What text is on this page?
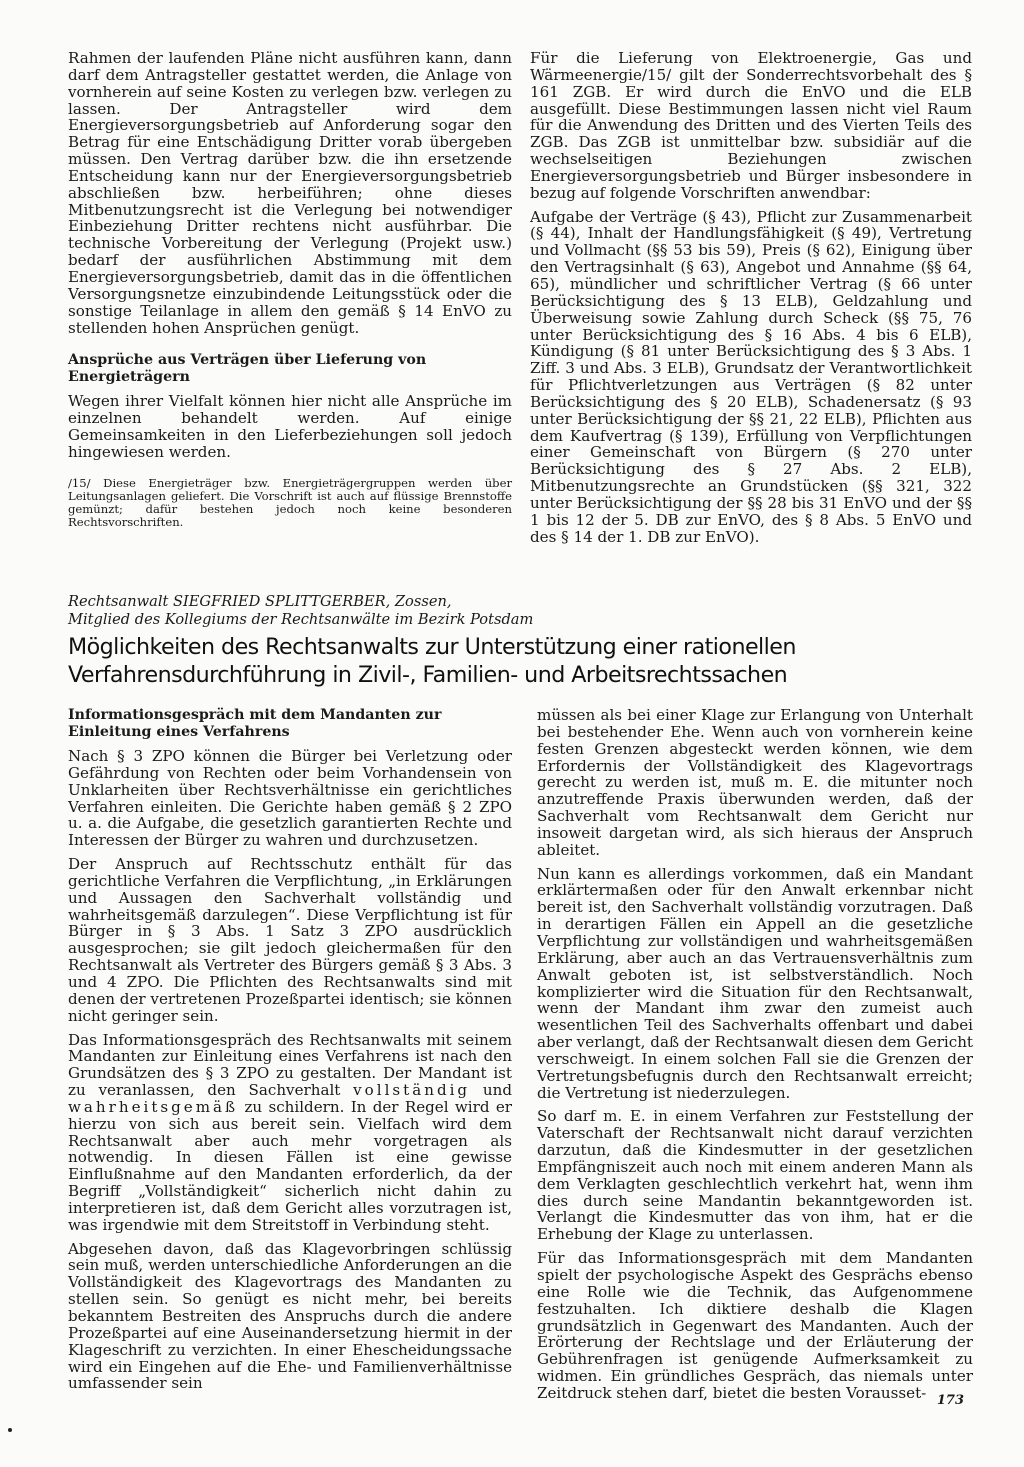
Rahmen der laufenden Pläne nicht ausführen kann, dann darf dem Antragsteller gestattet werden, die Anlage von vornherein auf seine Kosten zu verlegen bzw. verlegen zu lassen. Der Antragsteller wird dem Energieversorgungsbetrieb auf Anforderung sogar den Betrag für eine Entschädigung Dritter vorab übergeben müssen. Den Vertrag darüber bzw. die ihn ersetzende Entscheidung kann nur der Energieversorgungsbetrieb abschließen bzw. herbeiführen; ohne dieses Mitbenutzungsrecht ist die Verlegung bei notwendiger Einbeziehung Dritter rechtens nicht ausführbar. Die technische Vorbereitung der Verlegung (Projekt usw.) bedarf der ausführlichen Abstimmung mit dem Energieversorgungsbetrieb, damit das in die öffentlichen Versorgungsnetze einzubindende Leitungsstück oder die sonstige Teilanlage in allem den gemäß § 14 EnVO zu stellenden hohen Ansprüchen genügt.

Ansprüche aus Verträgen über Lieferung von Energieträgern

Wegen ihrer Vielfalt können hier nicht alle Ansprüche im einzelnen behandelt werden. Auf einige Gemeinsamkeiten in den Lieferbeziehungen soll jedoch hingewiesen werden.

/15/ Diese Energieträger bzw. Energieträgergruppen werden über Leitungsanlagen geliefert. Die Vorschrift ist auch auf flüssige Brennstoffe gemünzt; dafür bestehen jedoch noch keine besonderen Rechtsvorschriften.

Für die Lieferung von Elektroenergie, Gas und Wärmeenergie/15/ gilt der Sonderrechtsvorbehalt des § 161 ZGB. Er wird durch die EnVO und die ELB ausgefüllt. Diese Bestimmungen lassen nicht viel Raum für die Anwendung des Dritten und des Vierten Teils des ZGB. Das ZGB ist unmittelbar bzw. subsidiär auf die wechselseitigen Beziehungen zwischen Energieversorgungsbetrieb und Bürger insbesondere in bezug auf folgende Vorschriften anwendbar:

Aufgabe der Verträge (§ 43), Pflicht zur Zusammenarbeit (§ 44), Inhalt der Handlungsfähigkeit (§ 49), Vertretung und Vollmacht (§§ 53 bis 59), Preis (§ 62), Einigung über den Vertragsinhalt (§ 63), Angebot und Annahme (§§ 64, 65), mündlicher und schriftlicher Vertrag (§ 66 unter Berücksichtigung des § 13 ELB), Geldzahlung und Überweisung sowie Zahlung durch Scheck (§§ 75, 76 unter Berücksichtigung des § 16 Abs. 4 bis 6 ELB), Kündigung (§ 81 unter Berücksichtigung des § 3 Abs. 1 Ziff. 3 und Abs. 3 ELB), Grundsatz der Verantwortlichkeit für Pflichtverletzungen aus Verträgen (§ 82 unter Berücksichtigung des § 20 ELB), Schadenersatz (§ 93 unter Berücksichtigung der §§ 21, 22 ELB), Pflichten aus dem Kaufvertrag (§ 139), Erfüllung von Verpflichtungen einer Gemeinschaft von Bürgern (§ 270 unter Berücksichtigung des § 27 Abs. 2 ELB), Mitbenutzungsrechte an Grundstücken (§§ 321, 322 unter Berücksichtigung der §§ 28 bis 31 EnVO und der §§ 1 bis 12 der 5. DB zur EnVO, des § 8 Abs. 5 EnVO und des § 14 der 1. DB zur EnVO).

Rechtsanwalt SIEGFRIED SPLITTGERBER, Zossen,
Mitglied des Kollegiums der Rechtsanwälte im Bezirk Potsdam
Möglichkeiten des Rechtsanwalts zur Unterstützung einer rationellen
Verfahrensdurchführung in Zivil-, Familien- und Arbeitsrechtssachen
Informationsgespräch mit dem Mandanten zur Einleitung eines Verfahrens

Nach § 3 ZPO können die Bürger bei Verletzung oder Gefährdung von Rechten oder beim Vorhandensein von Unklarheiten über Rechtsverhältnisse ein gerichtliches Verfahren einleiten. Die Gerichte haben gemäß § 2 ZPO u. a. die Aufgabe, die gesetzlich garantierten Rechte und Interessen der Bürger zu wahren und durchzusetzen.

Der Anspruch auf Rechtsschutz enthält für das gerichtliche Verfahren die Verpflichtung, „in Erklärungen und Aussagen den Sachverhalt vollständig und wahrheitsgemäß darzulegen“. Diese Verpflichtung ist für Bürger in § 3 Abs. 1 Satz 3 ZPO ausdrücklich ausgesprochen; sie gilt jedoch gleichermaßen für den Rechtsanwalt als Vertreter des Bürgers gemäß § 3 Abs. 3 und 4 ZPO. Die Pflichten des Rechtsanwalts sind mit denen der vertretenen Prozeßpartei identisch; sie können nicht geringer sein.

Das Informationsgespräch des Rechtsanwalts mit seinem Mandanten zur Einleitung eines Verfahrens ist nach den Grundsätzen des § 3 ZPO zu gestalten. Der Mandant ist zu veranlassen, den Sachverhalt vollständig und wahrheitsgemäß zu schildern. In der Regel wird er hierzu von sich aus bereit sein. Vielfach wird dem Rechtsanwalt aber auch mehr vorgetragen als notwendig. In diesen Fällen ist eine gewisse Einflußnahme auf den Mandanten erforderlich, da der Begriff „Vollständigkeit“ sicherlich nicht dahin zu interpretieren ist, daß dem Gericht alles vorzutragen ist, was irgendwie mit dem Streitstoff in Verbindung steht.

Abgesehen davon, daß das Klagevorbringen schlüssig sein muß, werden unterschiedliche Anforderungen an die Vollständigkeit des Klagevortrags des Mandanten zu stellen sein. So genügt es nicht mehr, bei bereits bekanntem Bestreiten des Anspruchs durch die andere Prozeßpartei auf eine Auseinandersetzung hiermit in der Klageschrift zu verzichten. In einer Ehescheidungssache wird ein Eingehen auf die Ehe- und Familienverhältnisse umfassender sein

müssen als bei einer Klage zur Erlangung von Unterhalt bei bestehender Ehe. Wenn auch von vornherein keine festen Grenzen abgesteckt werden können, wie dem Erfordernis der Vollständigkeit des Klagevortrags gerecht zu werden ist, muß m. E. die mitunter noch anzutreffende Praxis überwunden werden, daß der Sachverhalt vom Rechtsanwalt dem Gericht nur insoweit dargetan wird, als sich hieraus der Anspruch ableitet.

Nun kann es allerdings vorkommen, daß ein Mandant erklärtermaßen oder für den Anwalt erkennbar nicht bereit ist, den Sachverhalt vollständig vorzutragen. Daß in derartigen Fällen ein Appell an die gesetzliche Verpflichtung zur vollständigen und wahrheitsgemäßen Erklärung, aber auch an das Vertrauensverhältnis zum Anwalt geboten ist, ist selbstverständlich. Noch komplizierter wird die Situation für den Rechtsanwalt, wenn der Mandant ihm zwar den zumeist auch wesentlichen Teil des Sachverhalts offenbart und dabei aber verlangt, daß der Rechtsanwalt diesen dem Gericht verschweigt. In einem solchen Fall sie die Grenzen der Vertretungsbefugnis durch den Rechtsanwalt erreicht; die Vertretung ist niederzulegen.

So darf m. E. in einem Verfahren zur Feststellung der Vaterschaft der Rechtsanwalt nicht darauf verzichten darzutun, daß die Kindesmutter in der gesetzlichen Empfängniszeit auch noch mit einem anderen Mann als dem Verklagten geschlechtlich verkehrt hat, wenn ihm dies durch seine Mandantin bekanntgeworden ist. Verlangt die Kindesmutter das von ihm, hat er die Erhebung der Klage zu unterlassen.

Für das Informationsgespräch mit dem Mandanten spielt der psychologische Aspekt des Gesprächs ebenso eine Rolle wie die Technik, das Aufgenommene festzuhalten. Ich diktiere deshalb die Klagen grundsätzlich in Gegenwart des Mandanten. Auch der Erörterung der Rechtslage und der Erläuterung der Gebührenfragen ist genügende Aufmerksamkeit zu widmen. Ein gründliches Gespräch, das niemals unter Zeitdruck stehen darf, bietet die besten Vorausset- 173
